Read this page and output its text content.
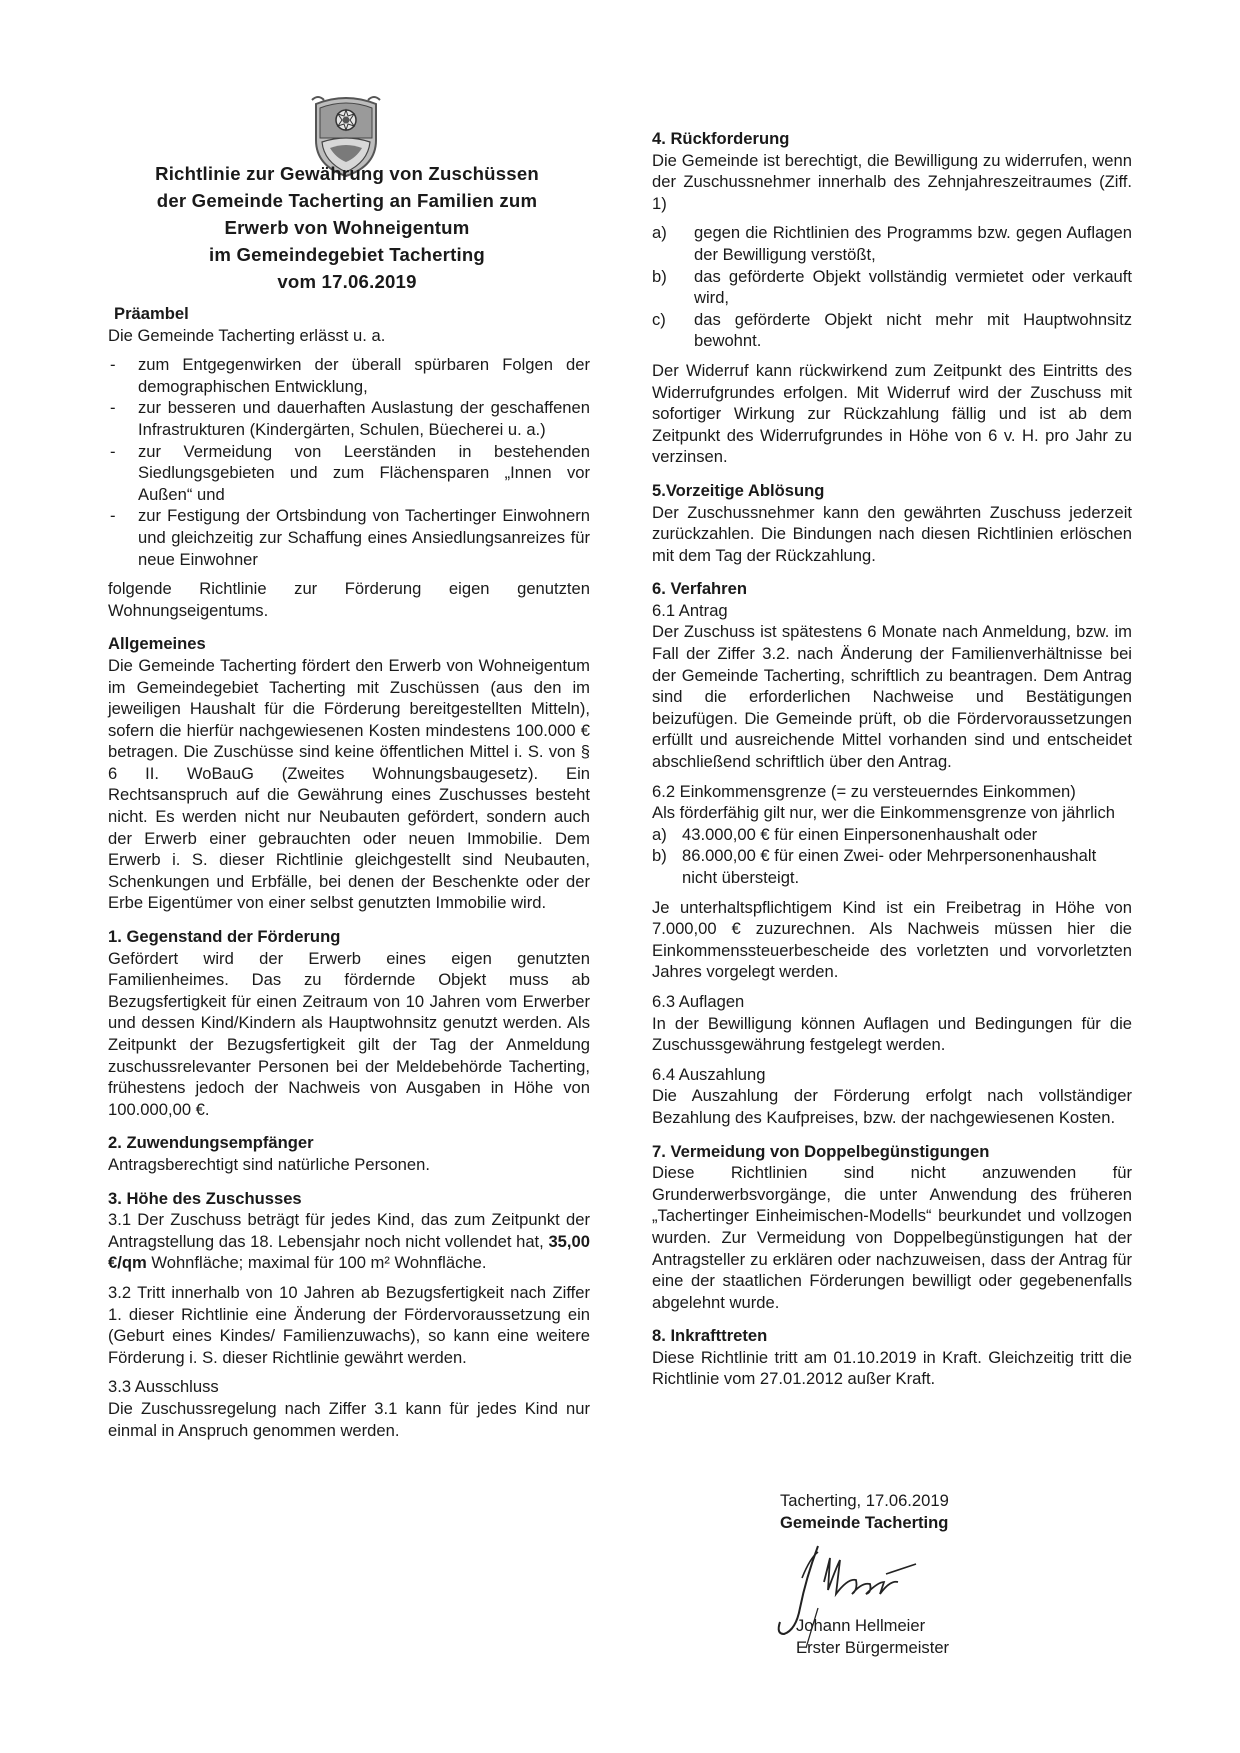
Richtlinie zur Gewährung von Zuschüssen

der Gemeinde Tacherting an Familien zum

Erwerb von Wohneigentum

im Gemeindegebiet Tacherting

vom 17.06.2019

Präambel

Die Gemeinde Tacherting erlässt u. a.

- zum Entgegenwirken der überall spürbaren Folgen der demographischen Entwicklung,
- zur besseren und dauerhaften Auslastung der geschaffenen Infrastrukturen (Kindergärten, Schulen, Büecherei u. a.)
- zur Vermeidung von Leerständen in bestehenden Siedlungsgebieten und zum Flächensparen „Innen vor Außen“ und
- zur Festigung der Ortsbindung von Tachertinger Einwohnern und gleichzeitig zur Schaffung eines Ansiedlungsanreizes für neue Einwohner

folgende Richtlinie zur Förderung eigen genutzten Wohnungseigentums.

Allgemeines

Die Gemeinde Tacherting fördert den Erwerb von Wohneigentum im Gemeindegebiet Tacherting mit Zuschüssen (aus den im jeweiligen Haushalt für die Förderung bereitgestellten Mitteln), sofern die hierfür nachgewiesenen Kosten mindestens 100.000 € betragen. Die Zuschüsse sind keine öffentlichen Mittel i. S. von § 6 II. WoBauG (Zweites Wohnungsbaugesetz). Ein Rechtsanspruch auf die Gewährung eines Zuschusses besteht nicht. Es werden nicht nur Neubauten gefördert, sondern auch der Erwerb einer gebrauchten oder neuen Immobilie. Dem Erwerb i. S. dieser Richtlinie gleichgestellt sind Neubauten, Schenkungen und Erbfälle, bei denen der Beschenkte oder der Erbe Eigentümer von einer selbst genutzten Immobilie wird.

1. Gegenstand der Förderung

Gefördert wird der Erwerb eines eigen genutzten Familienheimes. Das zu fördernde Objekt muss ab Bezugsfertigkeit für einen Zeitraum von 10 Jahren vom Erwerber und dessen Kind/Kindern als Hauptwohnsitz genutzt werden. Als Zeitpunkt der Bezugsfertigkeit gilt der Tag der Anmeldung zuschussrelevanter Personen bei der Meldebehörde Tacherting, frühestens jedoch der Nachweis von Ausgaben in Höhe von 100.000,00 €.

2. Zuwendungsempfänger

Antragsberechtigt sind natürliche Personen.

3. Höhe des Zuschusses

3.1 Der Zuschuss beträgt für jedes Kind, das zum Zeitpunkt der Antragstellung das 18. Lebensjahr noch nicht vollendet hat, 35,00 €/qm Wohnfläche; maximal für 100 m² Wohnfläche.

3.2 Tritt innerhalb von 10 Jahren ab Bezugsfertigkeit nach Ziffer 1. dieser Richtlinie eine Änderung der Fördervoraussetzung ein (Geburt eines Kindes/ Familienzuwachs), so kann eine weitere Förderung i. S. dieser Richtlinie gewährt werden.

3.3 Ausschluss

Die Zuschussregelung nach Ziffer 3.1 kann für jedes Kind nur einmal in Anspruch genommen werden.

4. Rückforderung

Die Gemeinde ist berechtigt, die Bewilligung zu widerrufen, wenn der Zuschussnehmer innerhalb des Zehnjahreszeitraumes (Ziff. 1)

a) gegen die Richtlinien des Programms bzw. gegen Auflagen der Bewilligung verstößt,
b) das geförderte Objekt vollständig vermietet oder verkauft wird,
c) das geförderte Objekt nicht mehr mit Hauptwohnsitz bewohnt.

Der Widerruf kann rückwirkend zum Zeitpunkt des Eintritts des Widerrufgrundes erfolgen. Mit Widerruf wird der Zuschuss mit sofortiger Wirkung zur Rückzahlung fällig und ist ab dem Zeitpunkt des Widerrufgrundes in Höhe von 6 v. H. pro Jahr zu verzinsen.

5.Vorzeitige Ablösung

Der Zuschussnehmer kann den gewährten Zuschuss jederzeit zurückzahlen. Die Bindungen nach diesen Richtlinien erlöschen mit dem Tag der Rückzahlung.

6. Verfahren

6.1 Antrag

Der Zuschuss ist spätestens 6 Monate nach Anmeldung, bzw. im Fall der Ziffer 3.2. nach Änderung der Familienverhältnisse bei der Gemeinde Tacherting, schriftlich zu beantragen. Dem Antrag sind die erforderlichen Nachweise und Bestätigungen beizufügen. Die Gemeinde prüft, ob die Fördervoraussetzungen erfüllt und ausreichende Mittel vorhanden sind und entscheidet abschließend schriftlich über den Antrag.

6.2 Einkommensgrenze (= zu versteuerndes Einkommen)

Als förderfähig gilt nur, wer die Einkommensgrenze von jährlich

a) 43.000,00 € für einen Einpersonenhaushalt oder
b) 86.000,00 € für einen Zwei- oder Mehrpersonenhaushalt nicht übersteigt.

Je unterhaltspflichtigem Kind ist ein Freibetrag in Höhe von 7.000,00 € zuzurechnen. Als Nachweis müssen hier die Einkommenssteuerbescheide des vorletzten und vorvorletzten Jahres vorgelegt werden.

6.3 Auflagen

In der Bewilligung können Auflagen und Bedingungen für die Zuschussgewährung festgelegt werden.

6.4 Auszahlung

Die Auszahlung der Förderung erfolgt nach vollständiger Bezahlung des Kaufpreises, bzw. der nachgewiesenen Kosten.

7. Vermeidung von Doppelbegünstigungen

Diese Richtlinien sind nicht anzuwenden für Grunderwerbsvorgänge, die unter Anwendung des früheren „Tachertinger Einheimischen-Modells“ beurkundet und vollzogen wurden. Zur Vermeidung von Doppelbegünstigungen hat der Antragsteller zu erklären oder nachzuweisen, dass der Antrag für eine der staatlichen Förderungen bewilligt oder gegebenenfalls abgelehnt wurde.

8. Inkrafttreten

Diese Richtlinie tritt am 01.10.2019 in Kraft. Gleichzeitig tritt die Richtlinie vom 27.01.2012 außer Kraft.

Tacherting, 17.06.2019

Gemeinde Tacherting

Johann Hellmeier

Erster Bürgermeister
